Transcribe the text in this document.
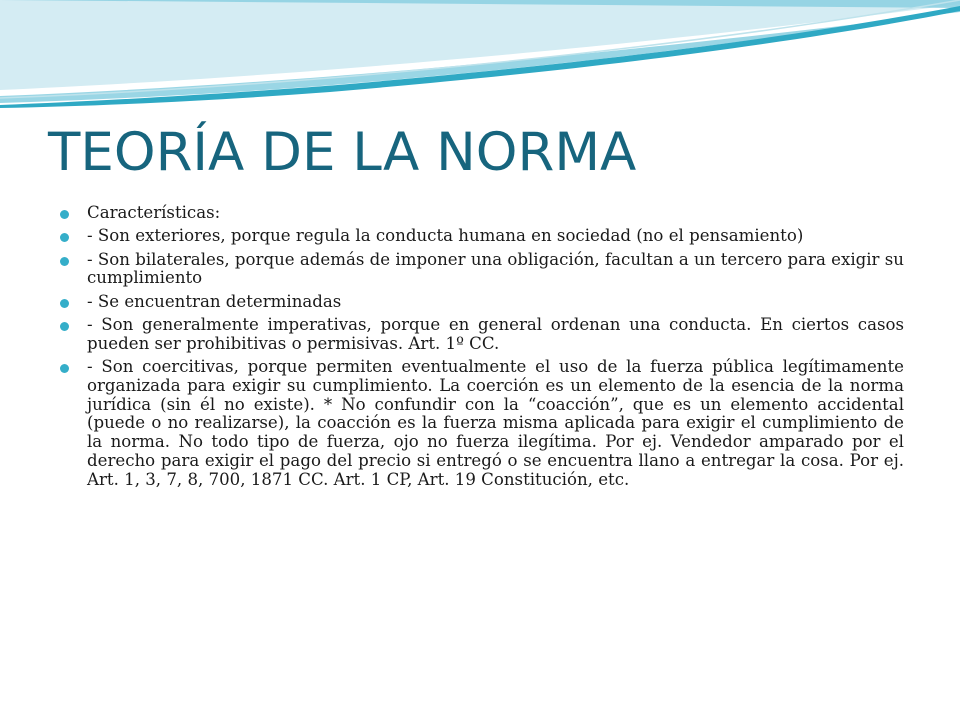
TEORÍA DE LA NORMA
Características:
- Son exteriores, porque regula la conducta humana en sociedad (no el pensamiento)
- Son bilaterales, porque además de imponer una obligación, facultan a un tercero para exigir su cumplimiento
- Se encuentran determinadas
- Son generalmente imperativas, porque en general ordenan una conducta. En ciertos casos pueden ser prohibitivas o permisivas. Art. 1º CC.
- Son coercitivas, porque permiten eventualmente el uso de la fuerza pública legítimamente organizada para exigir su cumplimiento. La coerción es un elemento de la esencia de la norma jurídica (sin él no existe). * No confundir con la “coacción”, que es un elemento accidental (puede o no realizarse), la coacción es la fuerza misma aplicada para exigir el cumplimiento de la norma. No todo tipo de fuerza, ojo no fuerza ilegítima. Por ej. Vendedor amparado por el derecho para exigir el pago del precio si entregó o se encuentra llano a entregar la cosa. Por ej. Art. 1, 3, 7, 8, 700, 1871 CC. Art. 1 CP, Art. 19 Constitución, etc.
